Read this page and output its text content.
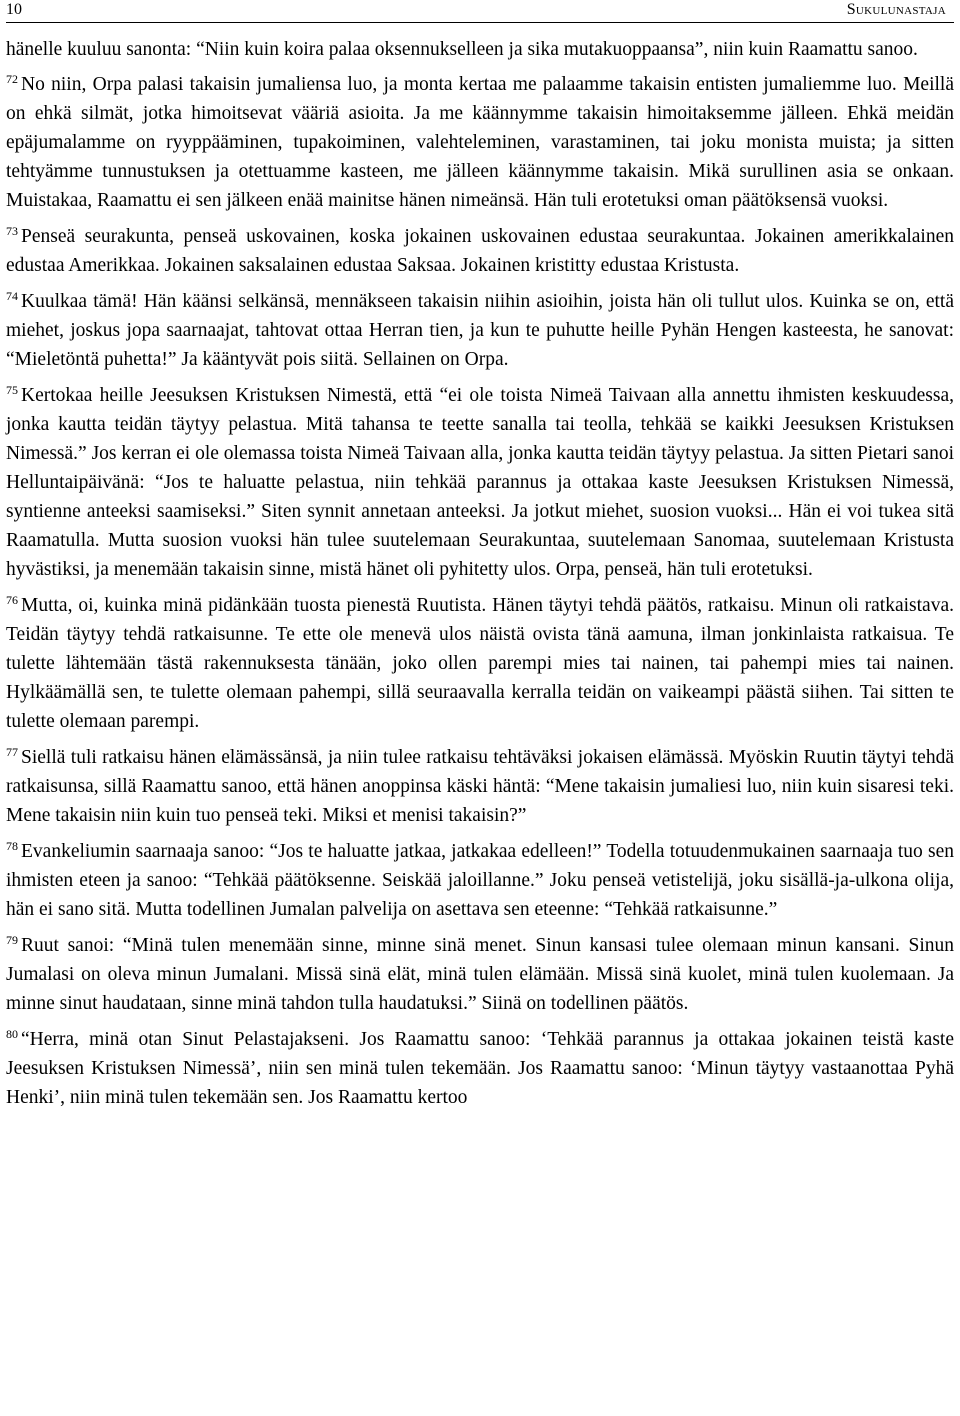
10	Sukulunastaja

hänelle kuuluu sanonta: “Niin kuin koira palaa oksennukselleen ja sika mutakuoppaansa”, niin kuin Raamattu sanoo.

$^{72}$ No niin, Orpa palasi takaisin jumaliensa luo, ja monta kertaa me palaamme takaisin entisten jumaliemme luo. Meillä on ehkä silmät, jotka himoitsevat vääriä asioita. Ja me käännymme takaisin himoitaksemme jälleen. Ehkä meidän epäjumalamme on ryyppääminen, tupakoiminen, valehteleminen, varastaminen, tai joku monista muista; ja sitten tehtyämme tunnustuksen ja otettuamme kasteen, me jälleen käännymme takaisin. Mikä surullinen asia se onkaan. Muistakaa, Raamattu ei sen jälkeen enää mainitse hänen nimeänsä. Hän tuli erotetuksi oman päätöksensä vuoksi.

$^{73}$ Penseä seurakunta, penseä uskovainen, koska jokainen uskovainen edustaa seurakuntaa. Jokainen amerikkalainen edustaa Amerikkaa. Jokainen saksalainen edustaa Saksaa. Jokainen kristitty edustaa Kristusta.

$^{74}$ Kuulkaa tämä! Hän käänsi selkänsä, mennäkseen takaisin niihin asioihin, joista hän oli tullut ulos. Kuinka se on, että miehet, joskus jopa saarnaajat, tahtovat ottaa Herran tien, ja kun te puhutte heille Pyhän Hengen kasteesta, he sanovat: “Mieletöntä puhetta!” Ja kääntyvät pois siitä. Sellainen on Orpa.

$^{75}$ Kertokaa heille Jeesuksen Kristuksen Nimestä, että “ei ole toista Nimeä Taivaan alla annettu ihmisten keskuudessa, jonka kautta teidän täytyy pelastua. Mitä tahansa te teette sanalla tai teolla, tehkää se kaikki Jeesuksen Kristuksen Nimessä.” Jos kerran ei ole olemassa toista Nimeä Taivaan alla, jonka kautta teidän täytyy pelastua. Ja sitten Pietari sanoi Helluntaipäivänä: “Jos te haluatte pelastua, niin tehkää parannus ja ottakaa kaste Jeesuksen Kristuksen Nimessä, syntienne anteeksi saamiseksi.” Siten synnit annetaan anteeksi. Ja jotkut miehet, suosion vuoksi... Hän ei voi tukea sitä Raamatulla. Mutta suosion vuoksi hän tulee suutelemaan Seurakuntaa, suutelemaan Sanomaa, suutelemaan Kristusta hyvästiksi, ja menemään takaisin sinne, mistä hänet oli pyhitetty ulos. Orpa, penseä, hän tuli erotetuksi.

$^{76}$ Mutta, oi, kuinka minä pidänkään tuosta pienestä Ruutista. Hänen täytyi tehdä päätös, ratkaisu. Minun oli ratkaistava. Teidän täytyy tehdä ratkaisunne. Te ette ole menevä ulos näistä ovista tänä aamuna, ilman jonkinlaista ratkaisua. Te tulette lähtemään tästä rakennuksesta tänään, joko ollen parempi mies tai nainen, tai pahempi mies tai nainen. Hylkäämällä sen, te tulette olemaan pahempi, sillä seuraavalla kerralla teidän on vaikeampi päästä siihen. Tai sitten te tulette olemaan parempi.

$^{77}$ Siellä tuli ratkaisu hänen elämässänsä, ja niin tulee ratkaisu tehtäväksi jokaisen elämässä. Myöskin Ruutin täytyi tehdä ratkaisunsa, sillä Raamattu sanoo, että hänen anoppinsa käski häntä: “Mene takaisin jumaliesi luo, niin kuin sisaresi teki. Mene takaisin niin kuin tuo penseä teki. Miksi et menisi takaisin?”

$^{78}$ Evankeliumin saarnaaja sanoo: “Jos te haluatte jatkaa, jatkakaa edelleen!” Todella totuudenmukainen saarnaaja tuo sen ihmisten eteen ja sanoo: “Tehkää päätöksenne. Seiskää jaloillanne.” Joku penseä vetistelijä, joku sisällä-ja-ulkona olija, hän ei sano sitä. Mutta todellinen Jumalan palvelija on asettava sen eteenne: “Tehkää ratkaisunne.”

$^{79}$ Ruut sanoi: “Minä tulen menemään sinne, minne sinä menet. Sinun kansasi tulee olemaan minun kansani. Sinun Jumalasi on oleva minun Jumalani. Missä sinä elät, minä tulen elämään. Missä sinä kuolet, minä tulen kuolemaan. Ja minne sinut haudataan, sinne minä tahdon tulla haudatuksi.” Siinä on todellinen päätös.

$^{80}$ “Herra, minä otan Sinut Pelastajakseni. Jos Raamattu sanoo: ‘Tehkää parannus ja ottakaa jokainen teistä kaste Jeesuksen Kristuksen Nimessä’, niin sen minä tulen tekemään. Jos Raamattu sanoo: ‘Minun täytyy vastaanottaa Pyhä Henki’, niin minä tulen tekemään sen. Jos Raamattu kertoo
